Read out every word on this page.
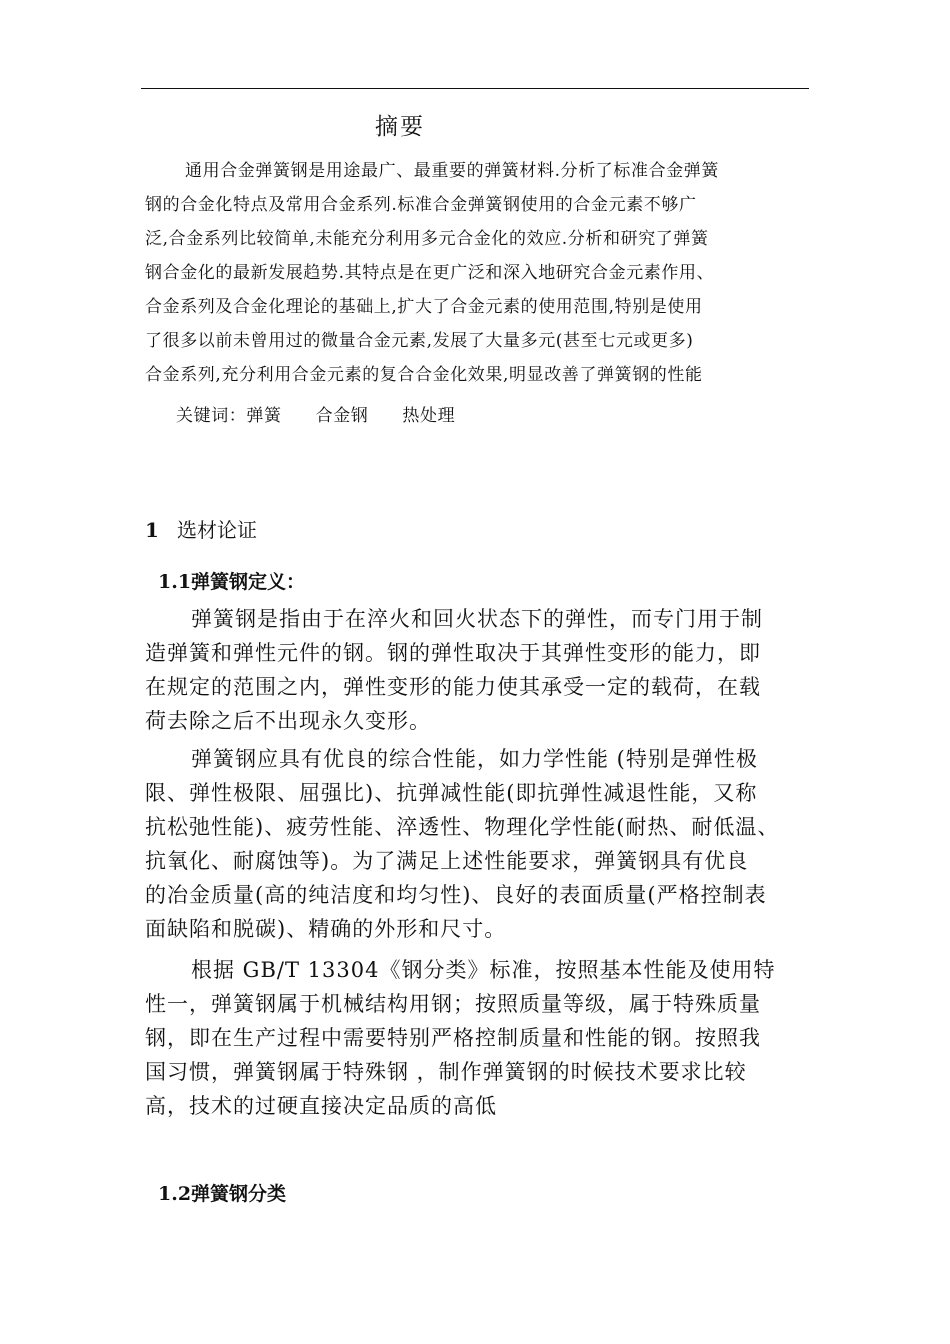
摘要
通用合金弹簧钢是用途最广、最重要的弹簧材料.分析了标准合金弹簧
钢的合金化特点及常用合金系列.标准合金弹簧钢使用的合金元素不够广
泛,合金系列比较简单,未能充分利用多元合金化的效应.分析和研究了弹簧
钢合金化的最新发展趋势.其特点是在更广泛和深入地研究合金元素作用、
合金系列及合金化理论的基础上,扩大了合金元素的使用范围,特别是使用
了很多以前未曾用过的微量合金元素,发展了大量多元(甚至七元或更多)
合金系列,充分利用合金元素的复合合金化效果,明显改善了弹簧钢的性能
关键词：弹簧 合金钢 热处理
1 选材论证
1.1弹簧钢定义：
弹簧钢是指由于在淬火和回火状态下的弹性，而专门用于制
造弹簧和弹性元件的钢。钢的弹性取决于其弹性变形的能力，即
在规定的范围之内，弹性变形的能力使其承受一定的载荷，在载
荷去除之后不出现永久变形。
弹簧钢应具有优良的综合性能，如力学性能 (特别是弹性极
限、弹性极限、屈强比)、抗弹减性能(即抗弹性减退性能，又称
抗松弛性能)、疲劳性能、淬透性、物理化学性能(耐热、耐低温、
抗氧化、耐腐蚀等)。为了满足上述性能要求，弹簧钢具有优良
的冶金质量(高的纯洁度和均匀性)、良好的表面质量(严格控制表
面缺陷和脱碳)、精确的外形和尺寸。
根据 GB/T 13304《钢分类》标准，按照基本性能及使用特
性一，弹簧钢属于机械结构用钢；按照质量等级，属于特殊质量
钢，即在生产过程中需要特别严格控制质量和性能的钢。按照我
国习惯，弹簧钢属于特殊钢 ，制作弹簧钢的时候技术要求比较
高，技术的过硬直接决定品质的高低
1.2弹簧钢分类
